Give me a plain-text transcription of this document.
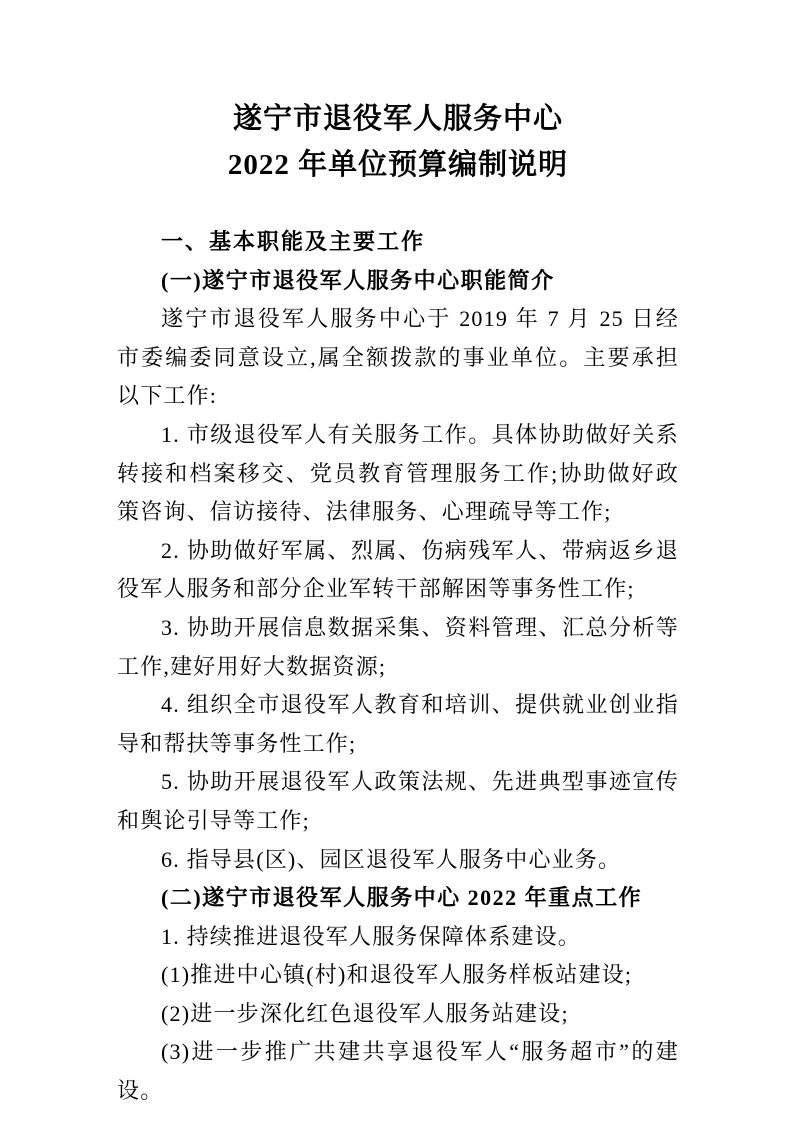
遂宁市退役军人服务中心
2022 年单位预算编制说明
一、基本职能及主要工作
(一)遂宁市退役军人服务中心职能简介

遂宁市退役军人服务中心于 2019 年 7 月 25 日经市委编委同意设立,属全额拨款的事业单位。主要承担以下工作:

1. 市级退役军人有关服务工作。具体协助做好关系转接和档案移交、党员教育管理服务工作;协助做好政策咨询、信访接待、法律服务、心理疏导等工作;

2. 协助做好军属、烈属、伤病残军人、带病返乡退役军人服务和部分企业军转干部解困等事务性工作;

3. 协助开展信息数据采集、资料管理、汇总分析等工作,建好用好大数据资源;

4. 组织全市退役军人教育和培训、提供就业创业指导和帮扶等事务性工作;

5. 协助开展退役军人政策法规、先进典型事迹宣传和舆论引导等工作;

6. 指导县(区)、园区退役军人服务中心业务。

(二)遂宁市退役军人服务中心 2022 年重点工作

1. 持续推进退役军人服务保障体系建设。

(1)推进中心镇(村)和退役军人服务样板站建设;

(2)进一步深化红色退役军人服务站建设;

(3)进一步推广共建共享退役军人“服务超市”的建设。
